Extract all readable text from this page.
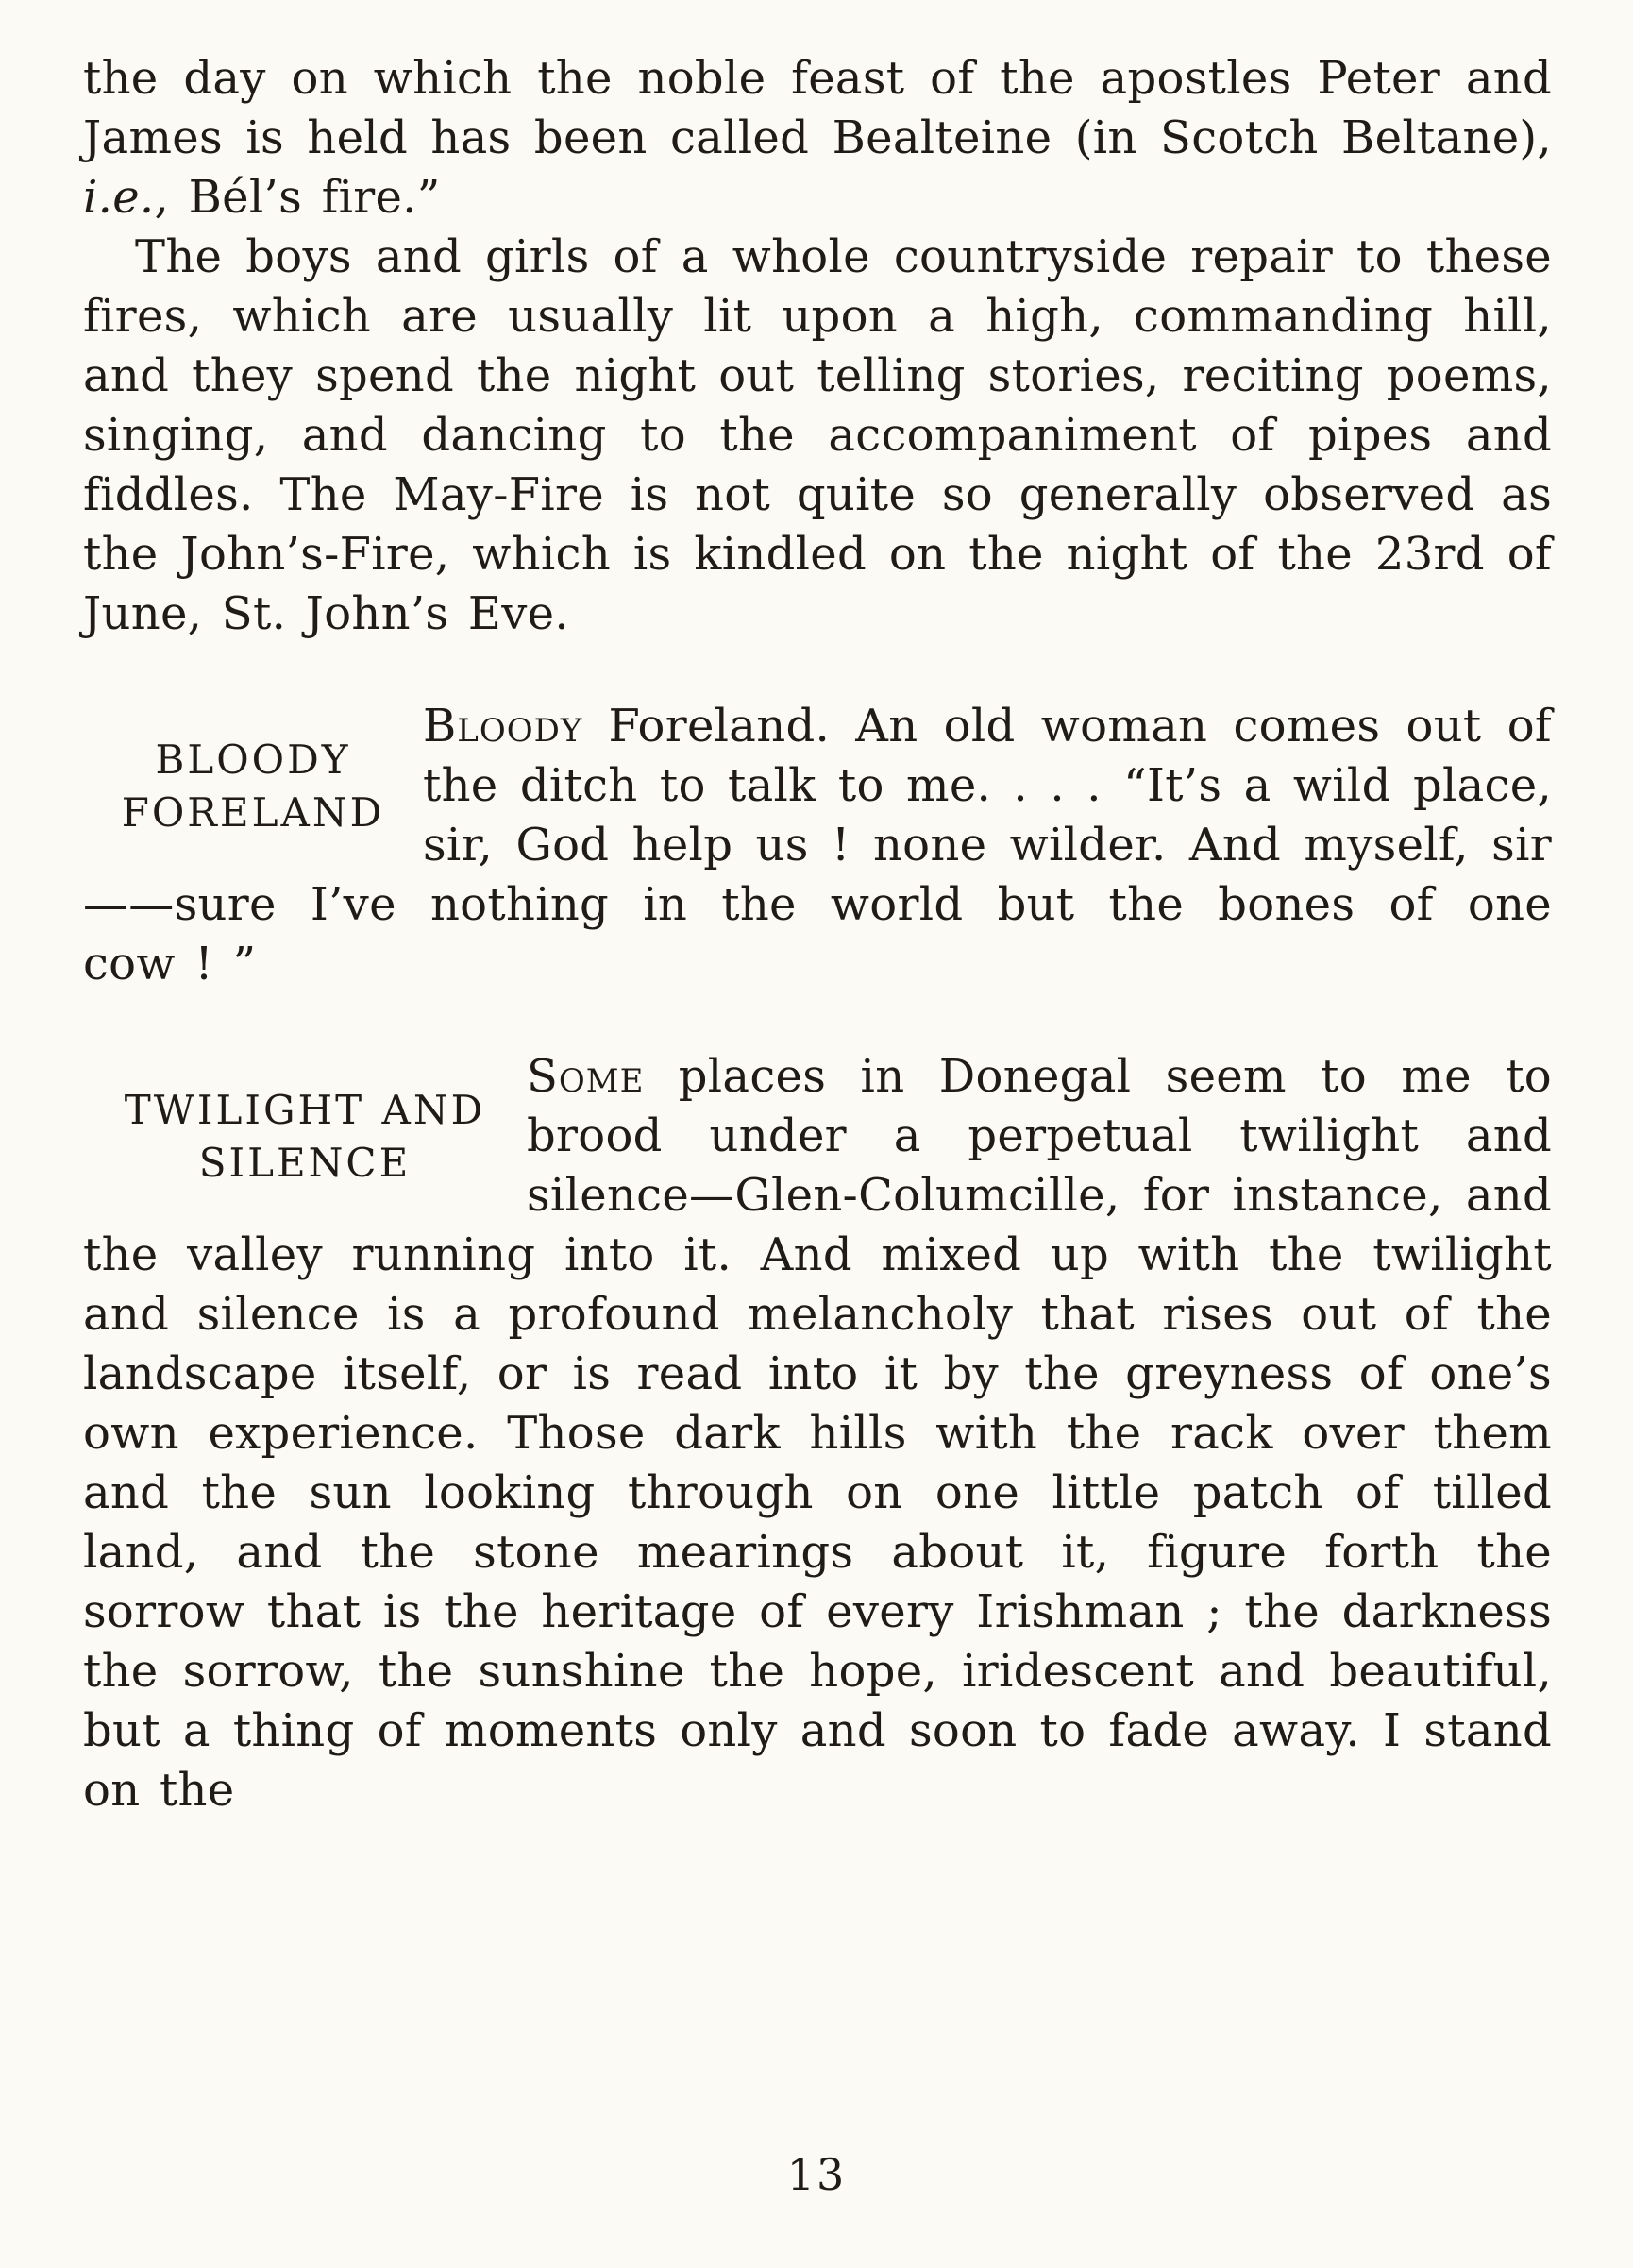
the day on which the noble feast of the apostles Peter and James is held has been called Bealteine (in Scotch Beltane), i.e., Bél’s fire.”

The boys and girls of a whole countryside repair to these fires, which are usually lit upon a high, commanding hill, and they spend the night out telling stories, reciting poems, singing, and dancing to the accompaniment of pipes and fiddles. The May-Fire is not quite so generally observed as the John’s-Fire, which is kindled on the night of the 23rd of June, St. John’s Eve.

BLOODY
FORELAND

Bloody Foreland. An old woman comes out of the ditch to talk to me. . . . “It’s a wild place, sir, God help us ! none wilder. And myself, sir——sure I’ve nothing in the world but the bones of one cow ! ”

TWILIGHT AND
SILENCE

Some places in Donegal seem to me to brood under a perpetual twilight and silence—Glen-Columcille, for instance, and the valley running into it. And mixed up with the twilight and silence is a profound melancholy that rises out of the landscape itself, or is read into it by the greyness of one’s own experience. Those dark hills with the rack over them and the sun looking through on one little patch of tilled land, and the stone mearings about it, figure forth the sorrow that is the heritage of every Irishman ; the darkness the sorrow, the sunshine the hope, iridescent and beautiful, but a thing of moments only and soon to fade away. I stand on the

13
